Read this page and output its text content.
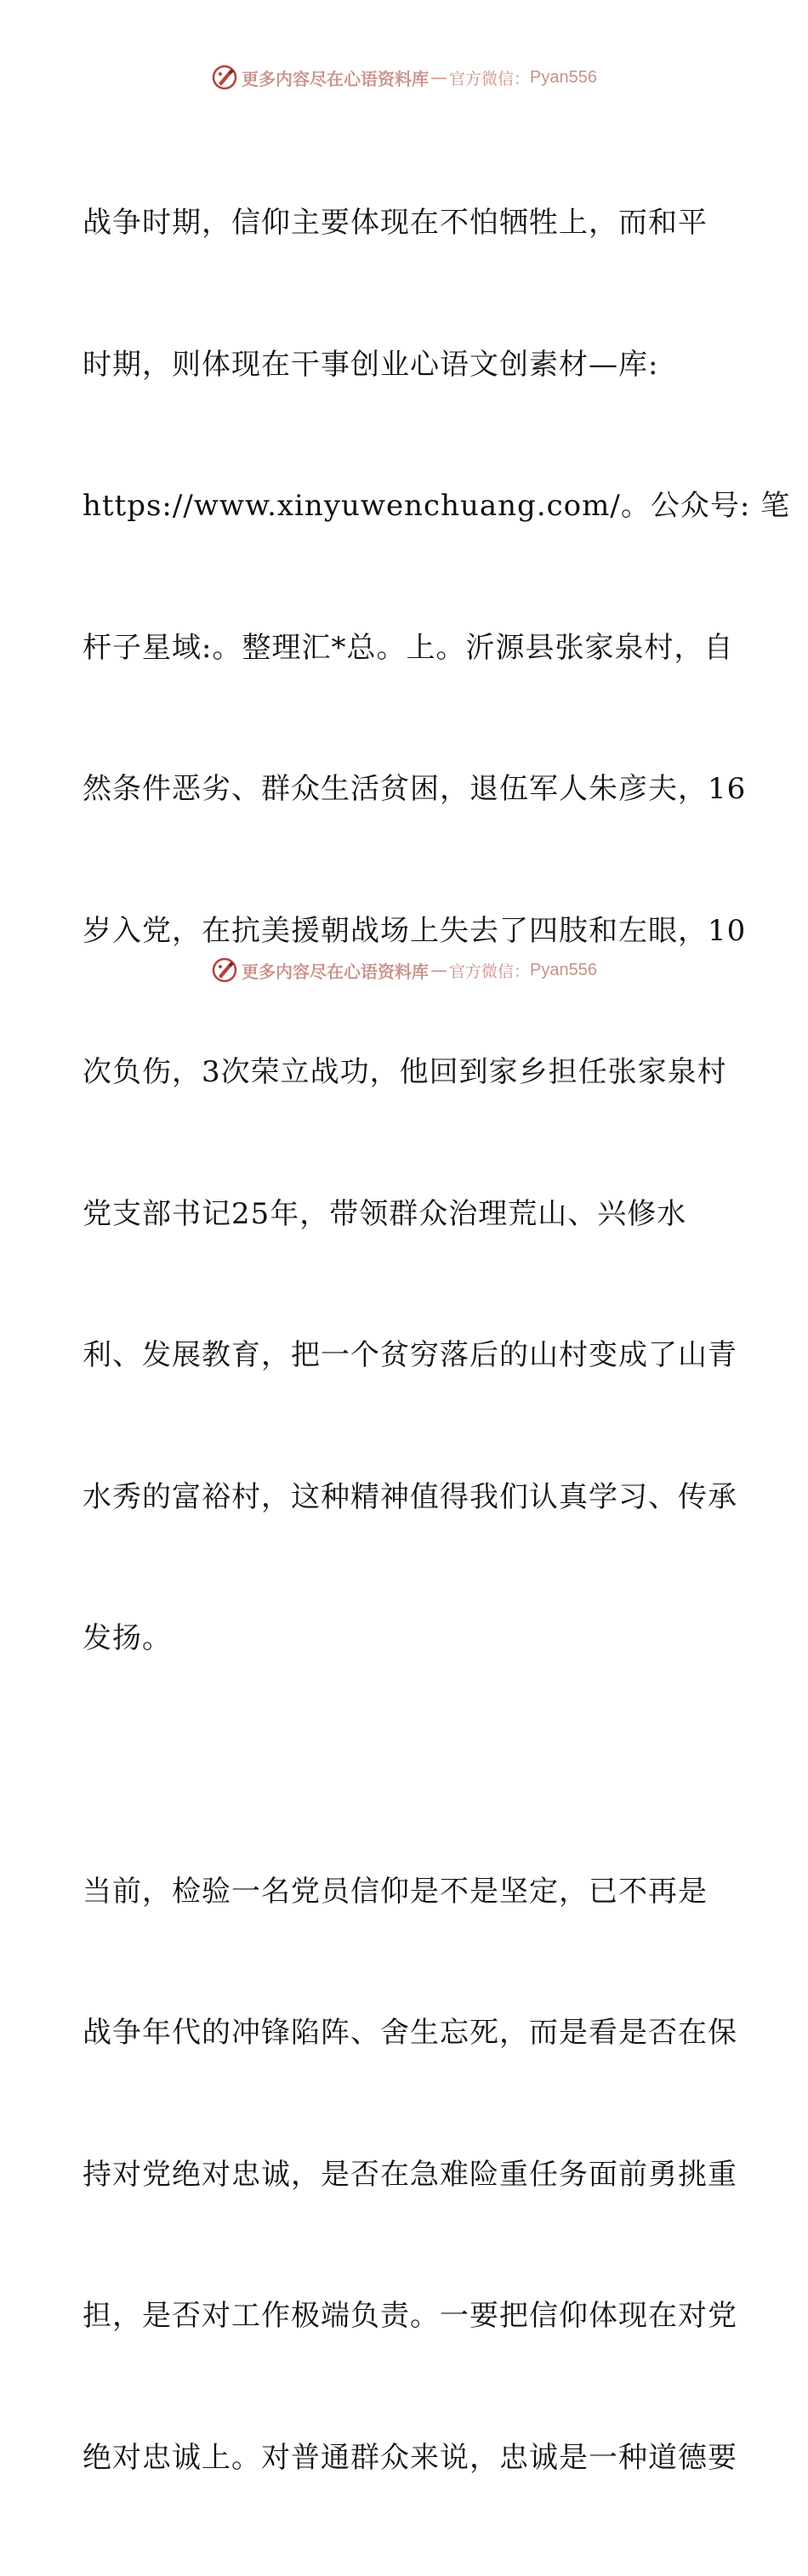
更多内容尽在心语资料库 — 官方微信： Pyan556

战争时期，信仰主要体现在不怕牺牲上，而和平

时期，则体现在干事创业心语文创素材—库:

https://www.xinyuwenchuang.com/。公众号: 笔

杆子星域:。整理汇*总。上。沂源县张家泉村，自

然条件恶劣、群众生活贫困，退伍军人朱彦夫，16

岁入党，在抗美援朝战场上失去了四肢和左眼，10

次负伤，3次荣立战功，他回到家乡担任张家泉村

党支部书记25年，带领群众治理荒山、兴修水

利、发展教育，把一个贫穷落后的山村变成了山青

水秀的富裕村，这种精神值得我们认真学习、传承

发扬。

当前，检验一名党员信仰是不是坚定，已不再是

战争年代的冲锋陷阵、舍生忘死，而是看是否在保

持对党绝对忠诚，是否在急难险重任务面前勇挑重

担，是否对工作极端负责。一要把信仰体现在对党

绝对忠诚上。对普通群众来说，忠诚是一种道德要

更多内容尽在心语资料库 — 官方微信： Pyan556
